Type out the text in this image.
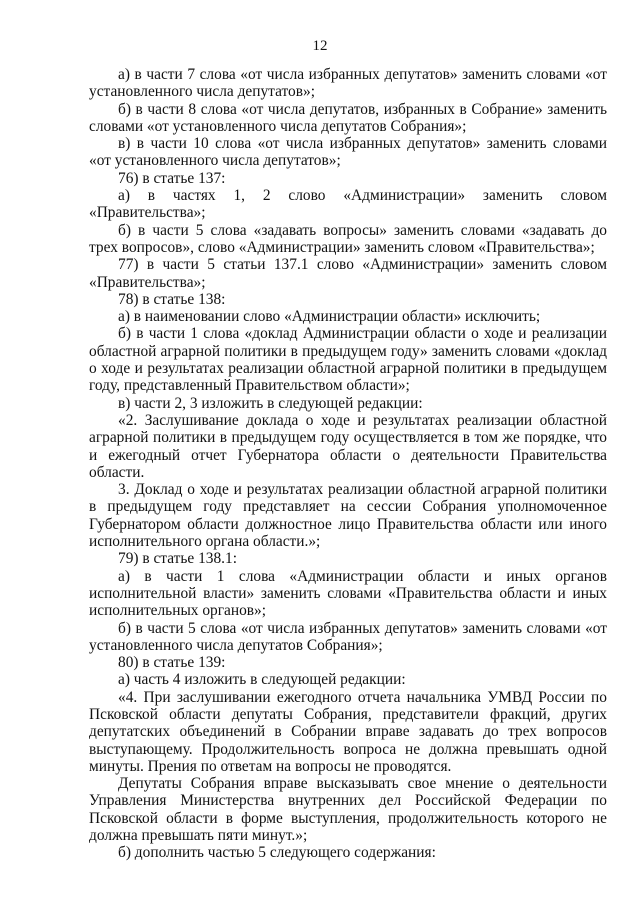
12

а) в части 7 слова «от числа избранных депутатов» заменить словами «от установленного числа депутатов»;

б) в части 8 слова «от числа депутатов, избранных в Собрание» заменить словами «от установленного числа депутатов Собрания»;

в) в части 10 слова «от числа избранных депутатов» заменить словами «от установленного числа депутатов»;

76) в статье 137:

а) в частях 1, 2 слово «Администрации» заменить словом «Правительства»;

б) в части 5 слова «задавать вопросы» заменить словами «задавать до трех вопросов», слово «Администрации» заменить словом «Правительства»;

77) в части 5 статьи 137.1 слово «Администрации» заменить словом «Правительства»;

78) в статье 138:

а) в наименовании слово «Администрации области» исключить;

б) в части 1 слова «доклад Администрации области о ходе и реализации областной аграрной политики в предыдущем году» заменить словами «доклад о ходе и результатах реализации областной аграрной политики в предыдущем году, представленный Правительством области»;

в) части 2, 3 изложить в следующей редакции:

«2. Заслушивание доклада о ходе и результатах реализации областной аграрной политики в предыдущем году осуществляется в том же порядке, что и ежегодный отчет Губернатора области о деятельности Правительства области.

3. Доклад о ходе и результатах реализации областной аграрной политики в предыдущем году представляет на сессии Собрания уполномоченное Губернатором области должностное лицо Правительства области или иного исполнительного органа области.»;

79) в статье 138.1:

а) в части 1 слова «Администрации области и иных органов исполнительной власти» заменить словами «Правительства области и иных исполнительных органов»;

б) в части 5 слова «от числа избранных депутатов» заменить словами «от установленного числа депутатов Собрания»;

80) в статье 139:

а) часть 4 изложить в следующей редакции:

«4. При заслушивании ежегодного отчета начальника УМВД России по Псковской области депутаты Собрания, представители фракций, других депутатских объединений в Собрании вправе задавать до трех вопросов выступающему. Продолжительность вопроса не должна превышать одной минуты. Прения по ответам на вопросы не проводятся.

Депутаты Собрания вправе высказывать свое мнение о деятельности Управления Министерства внутренних дел Российской Федерации по Псковской области в форме выступления, продолжительность которого не должна превышать пяти минут.»;

б) дополнить частью 5 следующего содержания:
